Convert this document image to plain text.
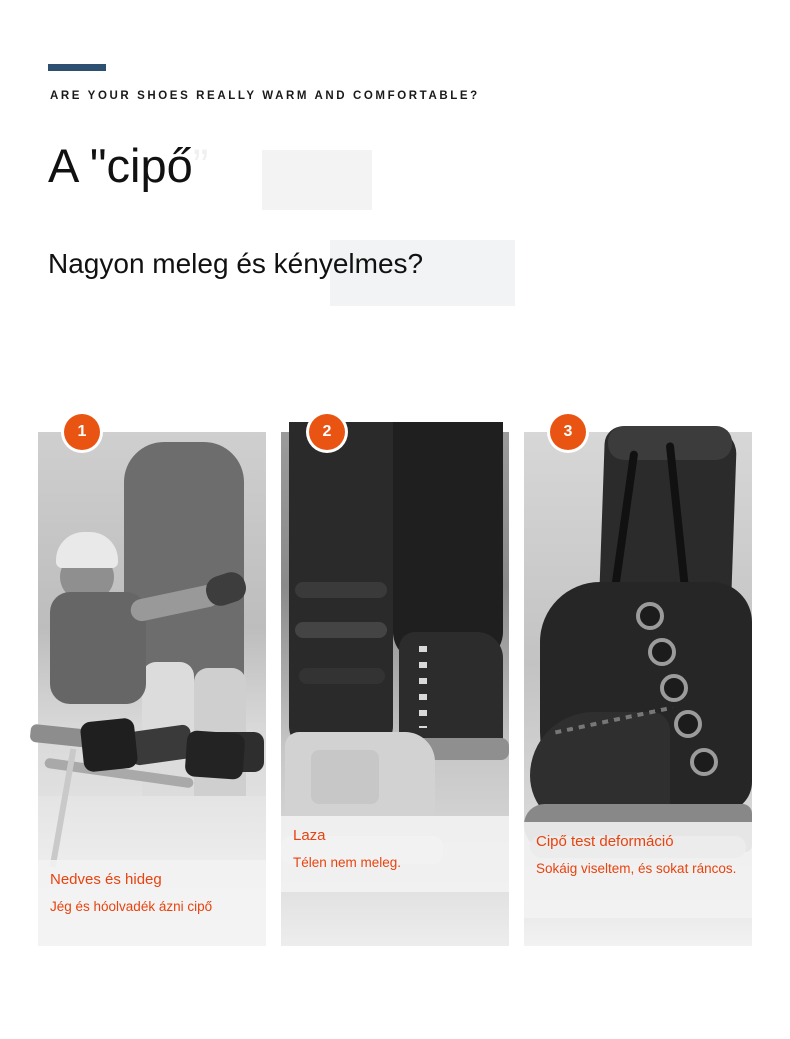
ARE YOUR SHOES REALLY WARM AND COMFORTABLE?
A "cipő”
Nagyon meleg és kényelmes?
1
Nedves és hideg
Jég és hóolvadék ázni cipő
2
Laza
Télen nem meleg.
3
Cipő test deformáció
Sokáig viseltem, és sokat ráncos.
